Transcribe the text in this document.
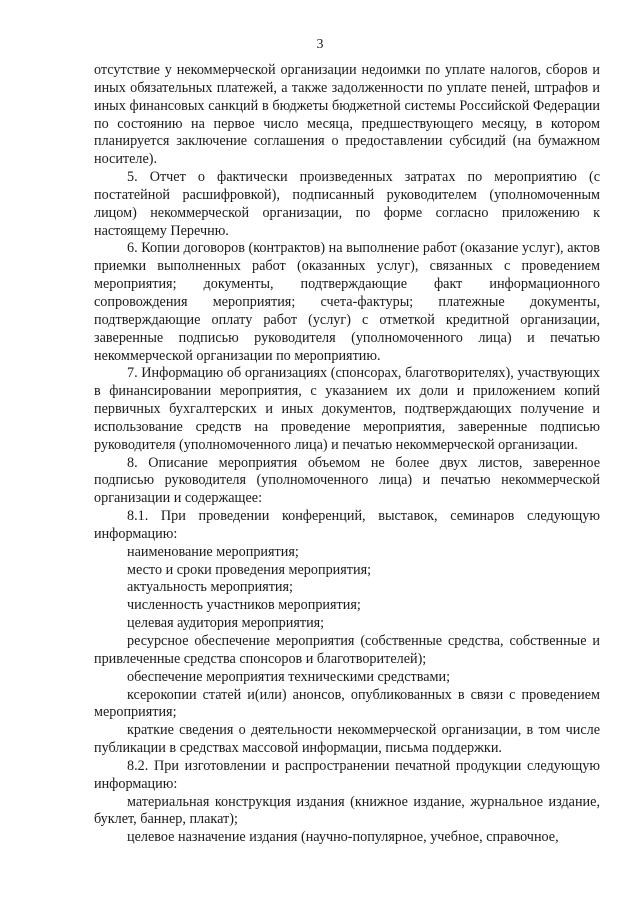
3

отсутствие у некоммерческой организации недоимки по уплате налогов, сборов и иных обязательных платежей, а также задолженности по уплате пеней, штрафов и иных финансовых санкций в бюджеты бюджетной системы Российской Федерации по состоянию на первое число месяца, предшествующего месяцу, в котором планируется заключение соглашения о предоставлении субсидий (на бумажном носителе).

5. Отчет о фактически произведенных затратах по мероприятию (с постатейной расшифровкой), подписанный руководителем (уполномоченным лицом) некоммерческой организации, по форме согласно приложению к настоящему Перечню.

6. Копии договоров (контрактов) на выполнение работ (оказание услуг), актов приемки выполненных работ (оказанных услуг), связанных с проведением мероприятия; документы, подтверждающие факт информационного сопровождения мероприятия; счета-фактуры; платежные документы, подтверждающие оплату работ (услуг) с отметкой кредитной организации, заверенные подписью руководителя (уполномоченного лица) и печатью некоммерческой организации по мероприятию.

7. Информацию об организациях (спонсорах, благотворителях), участвующих в финансировании мероприятия, с указанием их доли и приложением копий первичных бухгалтерских и иных документов, подтверждающих получение и использование средств на проведение мероприятия, заверенные подписью руководителя (уполномоченного лица) и печатью некоммерческой организации.

8. Описание мероприятия объемом не более двух листов, заверенное подписью руководителя (уполномоченного лица) и печатью некоммерческой организации и содержащее:

8.1. При проведении конференций, выставок, семинаров следующую информацию:

наименование мероприятия;

место и сроки проведения мероприятия;

актуальность мероприятия;

численность участников мероприятия;

целевая аудитория мероприятия;

ресурсное обеспечение мероприятия (собственные средства, собственные и привлеченные средства спонсоров и благотворителей);

обеспечение мероприятия техническими средствами;

ксерокопии статей и(или) анонсов, опубликованных в связи с проведением мероприятия;

краткие сведения о деятельности некоммерческой организации, в том числе публикации в средствах массовой информации, письма поддержки.

8.2. При изготовлении и распространении печатной продукции следующую информацию:

материальная конструкция издания (книжное издание, журнальное издание, буклет, баннер, плакат);

целевое назначение издания (научно-популярное, учебное, справочное,
